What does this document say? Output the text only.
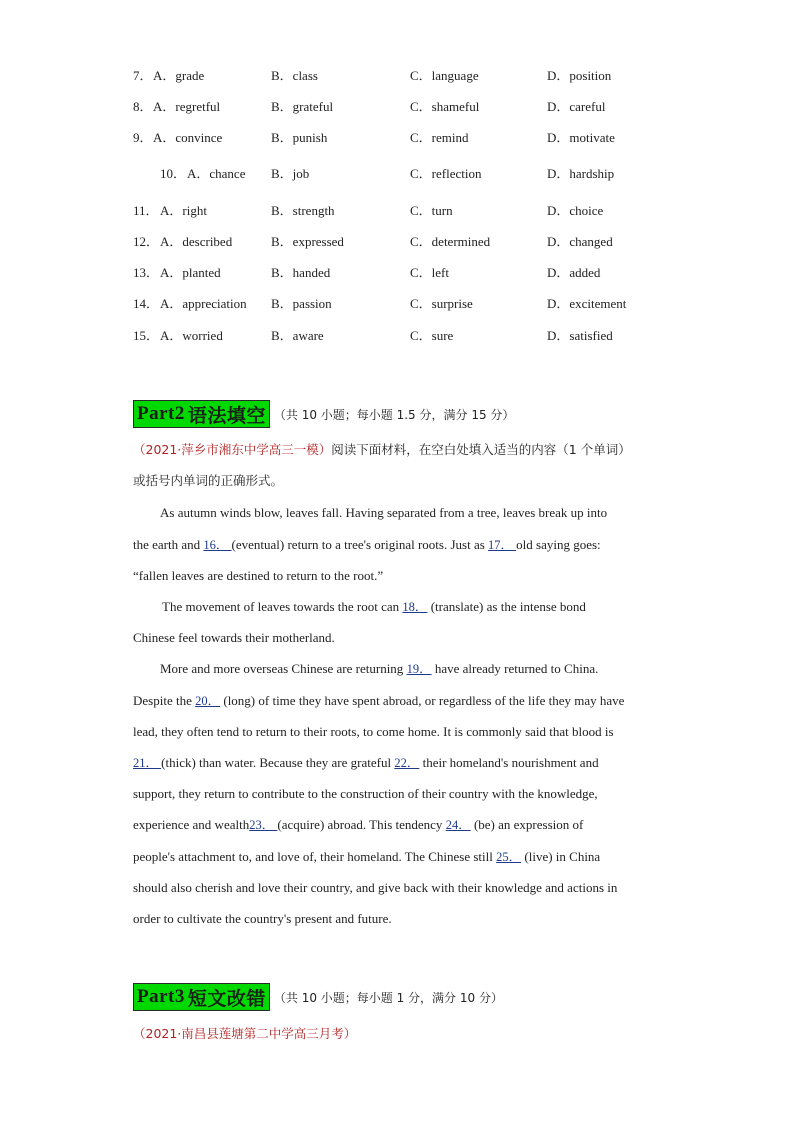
7． A．grade	B．class	C．language	D．position
8． A．regretful	B．grateful	C．shameful	D．careful
9． A．convince	B．punish	C．remind	D．motivate
10． A．chance B．job	C．reflection	D．hardship
11． A．right	B．strength	C．turn	D．choice
12． A．described	B．expressed	C．determined	D．changed
13． A．planted	B．handed	C．left	D．added
14． A．appreciation B．passion	C．surprise	D．excitement
15． A．worried	B．aware	C．sure	D．satisfied
Part2 语法填空 （共 10 小题；每小题 1.5 分，满分 15 分）
（2021·萍乡市湘东中学高三一模）阅读下面材料，在空白处填入适当的内容（1 个单词）
或括号内单词的正确形式。
As autumn winds blow, leaves fall. Having separated from a tree, leaves break up into
the earth and 16． (eventual) return to a tree's original roots. Just as 17． old saying goes:
“fallen leaves are destined to return to the root.”
The movement of leaves towards the root can 18． (translate) as the intense bond
Chinese feel towards their motherland.
More and more overseas Chinese are returning 19． have already returned to China.
Despite the 20． (long) of time they have spent abroad, or regardless of the life they may have
lead, they often tend to return to their roots, to come home. It is commonly said that blood is
21． (thick) than water. Because they are grateful 22． their homeland's nourishment and
support, they return to contribute to the construction of their country with the knowledge,
experience and wealth23． (acquire) abroad. This tendency 24． (be) an expression of
people's attachment to, and love of, their homeland. The Chinese still 25． (live) in China
should also cherish and love their country, and give back with their knowledge and actions in
order to cultivate the country's present and future.
Part3 短文改错 （共 10 小题；每小题 1 分，满分 10 分）
（2021·南昌县莲塘第二中学高三月考）
